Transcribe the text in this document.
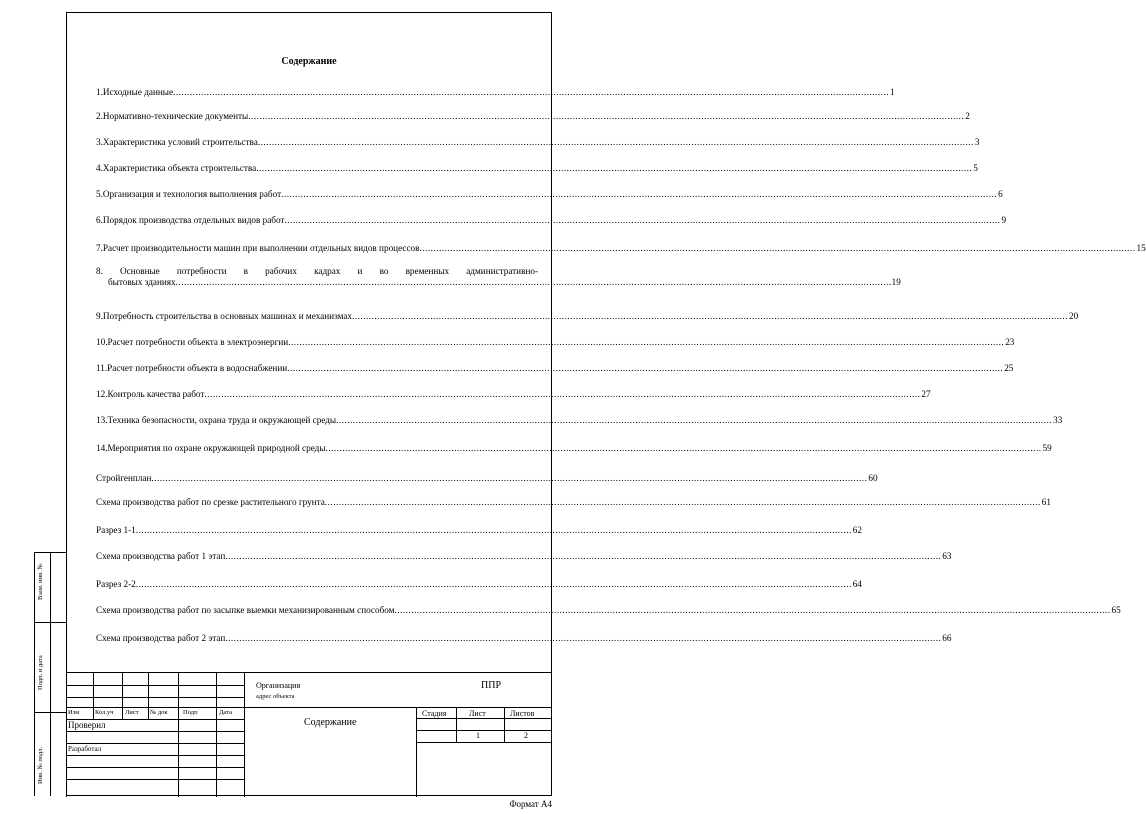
Содержание
1. Исходные данные .....	1
2. Нормативно-технические документы .....	2
3. Характеристика условий строительства .....	3
4. Характеристика объекта строительства .....	5
5. Организация и технология выполнения работ .....	6
6. Порядок производства отдельных видов работ .....	9
7. Расчет производительности машин при выполнении отдельных видов процессов .....	15
8. Основные потребности в рабочих кадрах и во временных административно-
бытовых зданиях .....	19
9. Потребность строительства в основных машинах и механизмах .....	20
10. Расчет потребности объекта в электроэнергии .....	23
11. Расчет потребности объекта в водоснабжении .....	25
12. Контроль качества работ .....	27
13. Техника безопасности, охрана труда и окружающей среды .....	33
14. Мероприятия по охране окружающей природной среды .....	59
Стройгенплан .....	60
Схема производства работ по срезке растительного грунта .....	61
Разрез 1-1 .....	62
Схема производства работ 1 этап .....	63
Разрез 2-2 .....	64
Схема производства работ по засыпке выемки механизированным способом .....	65
Схема производства работ 2 этап .....	66
Взам. инв. №
Подп. и дата
Инв. № подл.
Изм Кол.уч Лист № док Подп	Дата
Проверил
Разработал
Организация
адрес объекта
ППР
Содержание
Стадия	Лист	Листов
1	2
Формат А4
